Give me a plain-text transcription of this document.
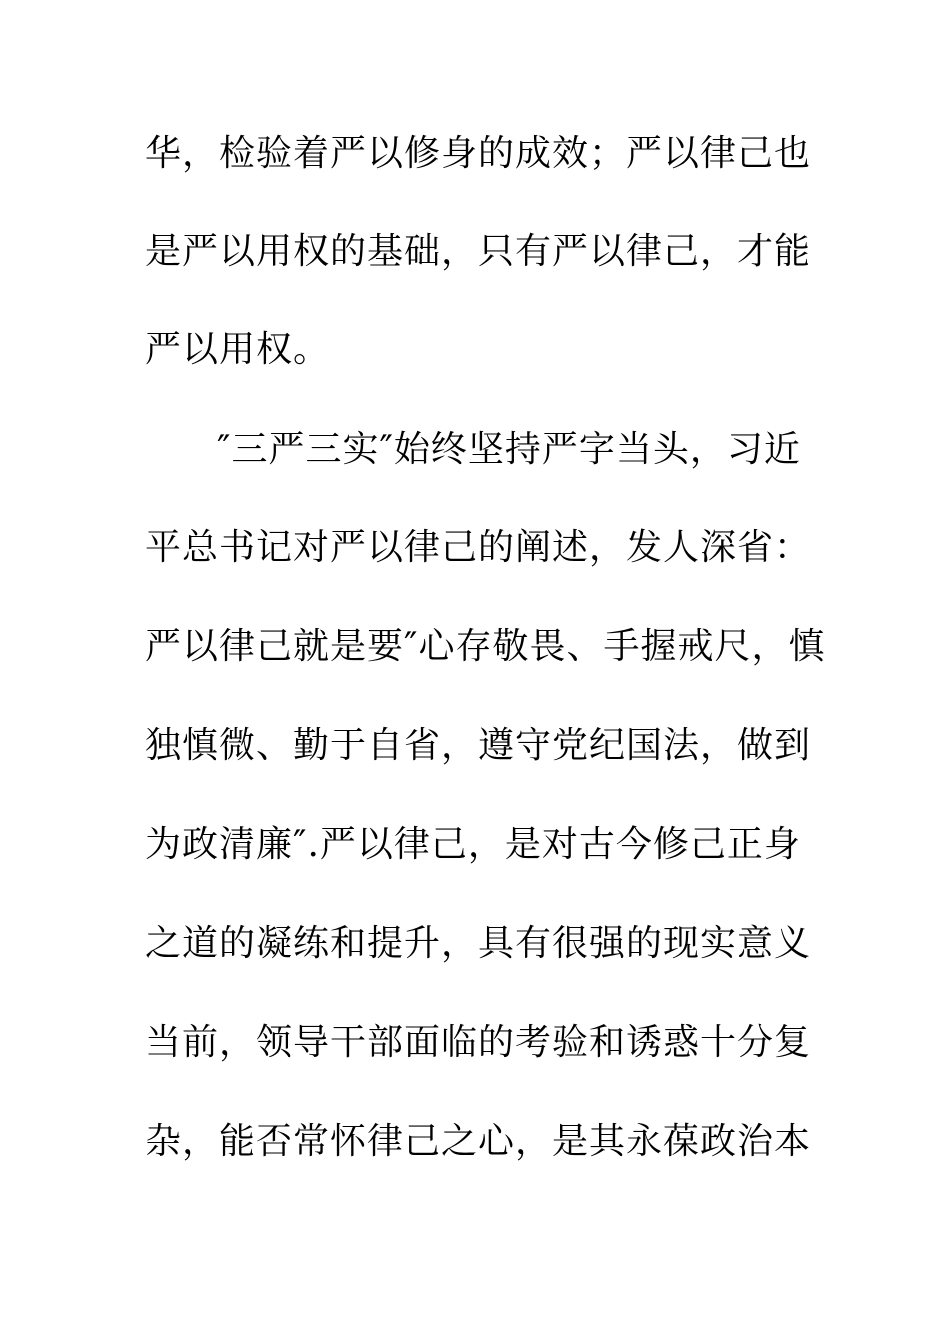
华，检验着严以修身的成效；严以律己也
是严以用权的基础，只有严以律己，才能
严以用权。
″三严三实″始终坚持严字当头，习近
平总书记对严以律己的阐述，发人深省：
严以律己就是要″心存敬畏、手握戒尺，慎
独慎微、勤于自省，遵守党纪国法，做到
为政清廉″.严以律己，是对古今修己正身
之道的凝练和提升，具有很强的现实意义
当前，领导干部面临的考验和诱惑十分复
杂，能否常怀律己之心，是其永葆政治本
